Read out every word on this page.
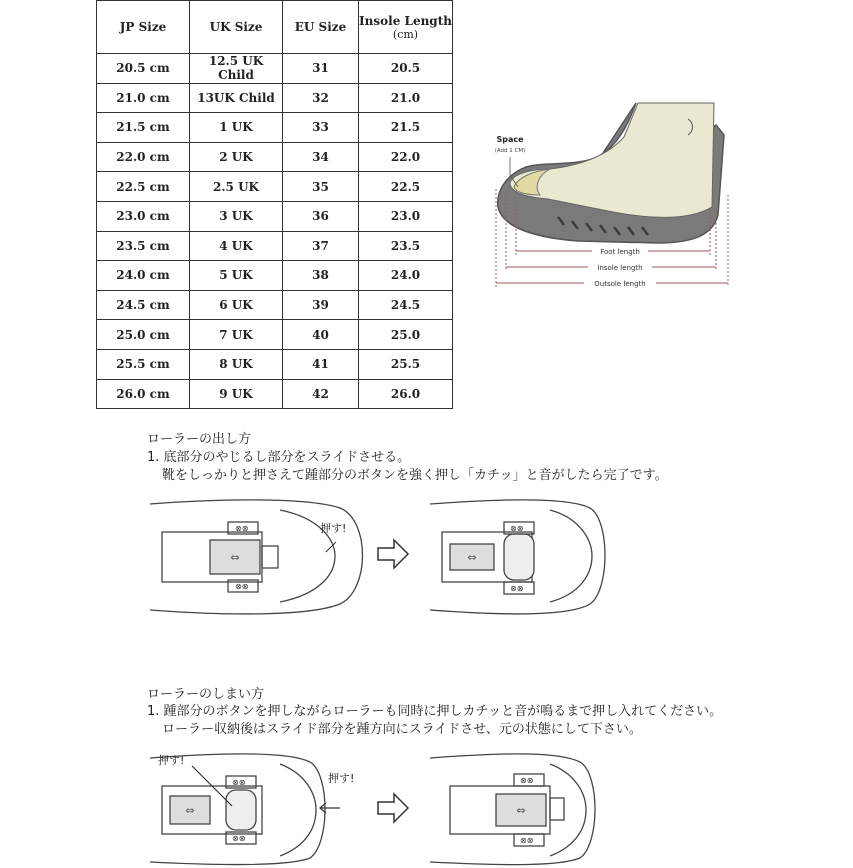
JP Size	UK Size	EU Size	Insole Length
(cm)

20.5 cm	12.5 UK Child	31	20.5
21.0 cm	13UK Child	32	21.0
21.5 cm	1 UK	33	21.5
22.0 cm	2 UK	34	22.0
22.5 cm	2.5 UK	35	22.5
23.0 cm	3 UK	36	23.0
23.5 cm	4 UK	37	23.5
24.0 cm	5 UK	38	24.0
24.5 cm	6 UK	39	24.5
25.0 cm	7 UK	40	25.0
25.5 cm	8 UK	41	25.5
26.0 cm	9 UK	42	26.0
Foot length
Insole length
Outsole length
Space
(Add 1 CM)
ローラーの出し方
1. 底部分のやじるし部分をスライドさせる。
靴をしっかりと押さえて踵部分のボタンを強く押し「カチッ」と音がしたら完了です。
⊗⊗
⊗⊗
⇔
押す!	⊗⊗
⊗⊗
⇔
ローラーのしまい方
1. 踵部分のボタンを押しながらローラーも同時に押しカチッと音が鳴るまで押し入れてください。
ローラー収納後はスライド部分を踵方向にスライドさせ、元の状態にして下さい。
⊗⊗
⊗⊗
⇔
押す!
押す!	⊗⊗
⊗⊗
⇔
